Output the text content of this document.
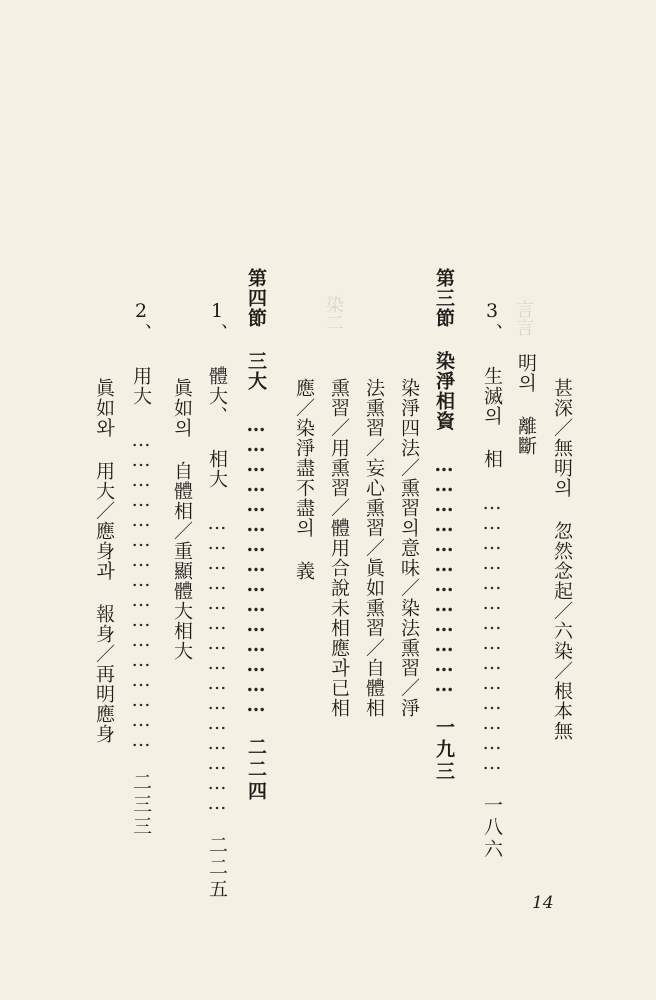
言言
染二
甚深／無明의 忽然念起／六染／根本無
明의 離斷
3、 生滅의 相 …………………………………… 一八六
第三節 染淨相資 ……………………………… 一九三
染淨四法／熏習의意味／染法熏習／淨
法熏習／妄心熏習／眞如熏習／自體相
熏習／用熏習／體用合說未相應과已相
應／染淨盡不盡의 義
第四節 三大 ……………………………………… 二二四
1、 體大、 相大 ……………………………………… 二二五
眞如의 自體相／重顯體大相大
2、 用大 ………………………………………… 二三三
眞如와 用大／應身과 報身／再明應身
14
